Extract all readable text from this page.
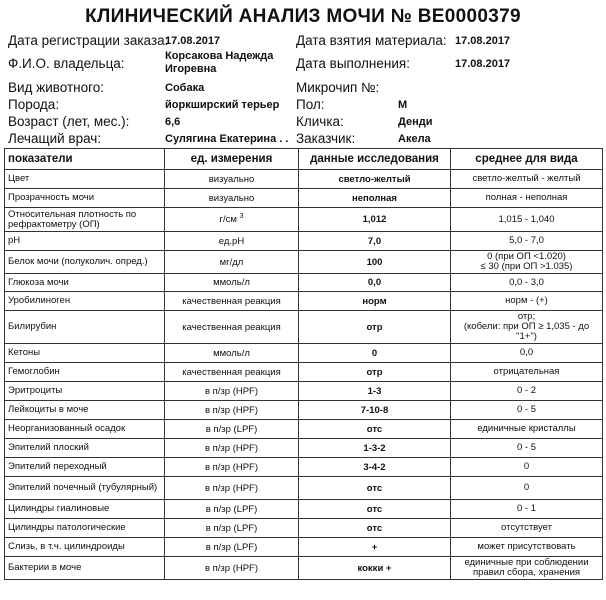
КЛИНИЧЕСКИЙ АНАЛИЗ МОЧИ № ВЕ0000379
Дата регистрации заказа:
17.08.2017
Ф.И.О. владельца:	Корсакова Надежда
Игоревна
Вид животного:	Собака
Порода:	йоркширский терьер
Возраст (лет, мес.):	6,6
Лечащий врач:	Сулягина Екатерина . .
Дата взятия материала: 17.08.2017
Дата выполнения:	17.08.2017
Микрочип №:
Пол:	М
Кличка:	Денди
Заказчик:	Акела
показатели	ед. измерения	данные исследования	среднее для вида
Цвет	визуально	светло-желтый	светло-желтый - желтый
Прозрачность мочи	визуально	неполная	полная - неполная
Относительная плотность по рефрактометру (ОП)	г/см $^3$	1,012	1,015 - 1,040
pH	ед.pH	7,0	5,0 - 7,0
Белок мочи (полуколич. опред.)	мг/дл	100	0 (при ОП <1.020)
≤ 30 (при ОП >1.035)
Глюкоза мочи	ммоль/л	0,0	0,0 - 3,0
Уробилиноген	качественная реакция	норм	норм - (+)
Билирубин	качественная реакция	отр	отр;
(кобели: при ОП ≥ 1,035 - до
"1+")
Кетоны	ммоль/л	0	0,0
Гемоглобин	качественная реакция	отр	отрицательная
Эритроциты	в п/зр (HPF)	1-3	0 - 2
Лейкоциты в моче	в п/зр (HPF)	7-10-8	0 - 5
Неорганизованный осадок	в п/зр (LPF)	отс	единичные кристаллы
Эпителий плоский	в п/зр (HPF)	1-3-2	0 - 5
Эпителий переходный	в п/зр (HPF)	3-4-2	0
Эпителий почечный (тубулярный)	в п/зр (HPF)	отс	0
Цилиндры гиалиновые	в п/зр (LPF)	отс	0 - 1
Цилиндры патологические	в п/зр (LPF)	отс	отсутствует
Слизь, в т.ч. цилиндроиды	в п/зр (LPF)	+	может присутствовать
Бактерии в моче	в п/зр (HPF)	кокки +	единичные при соблюдении
правил сбора, хранения
